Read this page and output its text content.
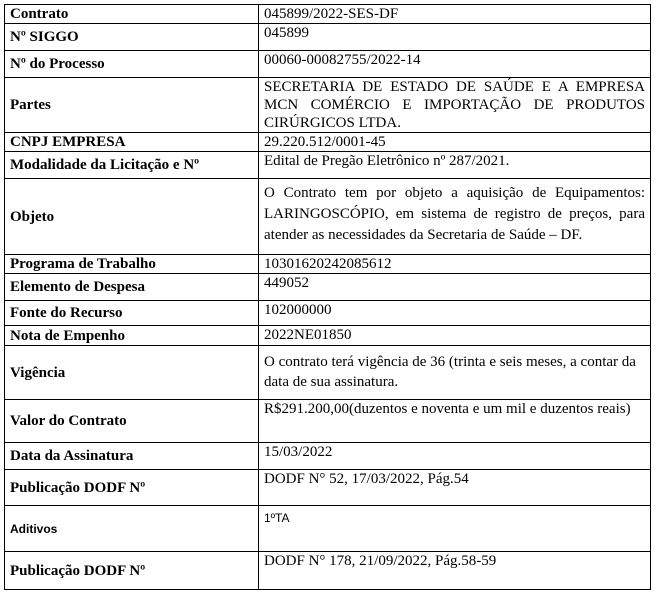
Contrato	045899/2022-SES-DF
Nº SIGGO	045899
Nº do Processo	00060-00082755/2022-14
Partes	SECRETARIA DE ESTADO DE SAÚDE E A EMPRESA MCN COMÉRCIO E IMPORTAÇÃO DE PRODUTOS CIRÚRGICOS LTDA.
CNPJ EMPRESA	29.220.512/0001-45
Modalidade da Licitação e Nº	Edital de Pregão Eletrônico nº 287/2021.
Objeto	O Contrato tem por objeto a aquisição de Equipamentos: LARINGOSCÓPIO, em sistema de registro de preços, para atender as necessidades da Secretaria de Saúde – DF.
Programa de Trabalho	10301620242085612
Elemento de Despesa	449052
Fonte do Recurso	102000000
Nota de Empenho	2022NE01850
Vigência	O contrato terá vigência de 36 (trinta e seis meses, a contar da data de sua assinatura.
Valor do Contrato	R$291.200,00(duzentos e noventa e um mil e duzentos reais)
Data da Assinatura	15/03/2022
Publicação DODF Nº	DODF N° 52, 17/03/2022, Pág.54
Aditivos	1ºTA
Publicação DODF Nº	DODF N° 178, 21/09/2022, Pág.58-59
